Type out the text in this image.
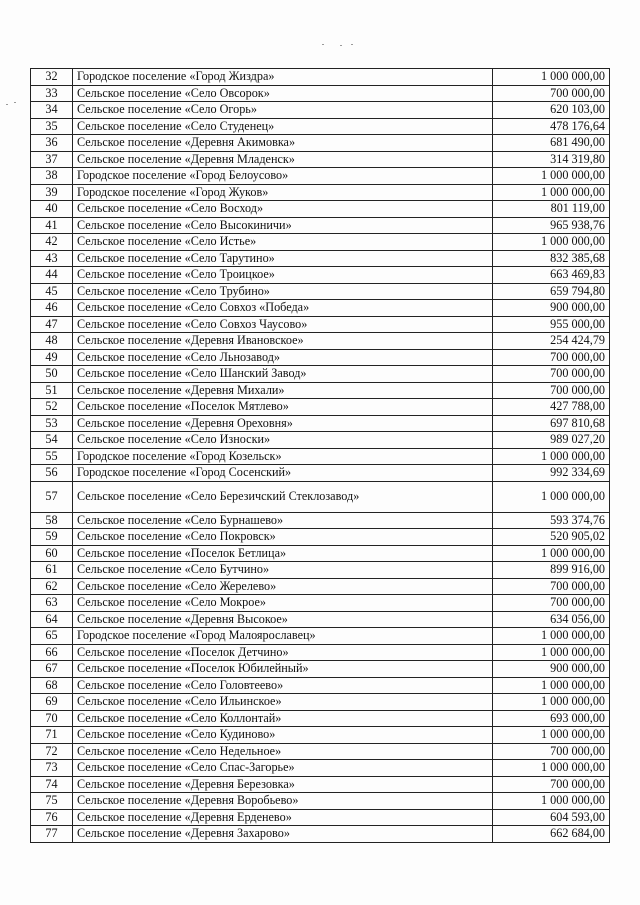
32	Городское поселение «Город Жиздра»	1 000 000,00
33	Сельское поселение «Село Овсорок»	700 000,00
34	Сельское поселение «Село Огорь»	620 103,00
35	Сельское поселение «Село Студенец»	478 176,64
36	Сельское поселение «Деревня Акимовка»	681 490,00
37	Сельское поселение «Деревня Младенск»	314 319,80
38	Городское поселение «Город Белоусово»	1 000 000,00
39	Городское поселение «Город Жуков»	1 000 000,00
40	Сельское поселение «Село Восход»	801 119,00
41	Сельское поселение «Село Высокиничи»	965 938,76
42	Сельское поселение «Село Истье»	1 000 000,00
43	Сельское поселение «Село Тарутино»	832 385,68
44	Сельское поселение «Село Троицкое»	663 469,83
45	Сельское поселение «Село Трубино»	659 794,80
46	Сельское поселение «Село Совхоз «Победа»	900 000,00
47	Сельское поселение «Село Совхоз Чаусово»	955 000,00
48	Сельское поселение «Деревня Ивановское»	254 424,79
49	Сельское поселение «Село Льнозавод»	700 000,00
50	Сельское поселение «Село Шанский Завод»	700 000,00
51	Сельское поселение «Деревня Михали»	700 000,00
52	Сельское поселение «Поселок Мятлево»	427 788,00
53	Сельское поселение «Деревня Ореховня»	697 810,68
54	Сельское поселение «Село Износки»	989 027,20
55	Городское поселение «Город Козельск»	1 000 000,00
56	Городское поселение «Город Сосенский»	992 334,69
57	Сельское поселение «Село Березичский Стеклозавод»	1 000 000,00
58	Сельское поселение «Село Бурнашево»	593 374,76
59	Сельское поселение «Село Покровск»	520 905,02
60	Сельское поселение «Поселок Бетлица»	1 000 000,00
61	Сельское поселение «Село Бутчино»	899 916,00
62	Сельское поселение «Село Жерелево»	700 000,00
63	Сельское поселение «Село Мокрое»	700 000,00
64	Сельское поселение «Деревня Высокое»	634 056,00
65	Городское поселение «Город Малоярославец»	1 000 000,00
66	Сельское поселение «Поселок Детчино»	1 000 000,00
67	Сельское поселение «Поселок Юбилейный»	900 000,00
68	Сельское поселение «Село Головтеево»	1 000 000,00
69	Сельское поселение «Село Ильинское»	1 000 000,00
70	Сельское поселение «Село Коллонтай»	693 000,00
71	Сельское поселение «Село Кудиново»	1 000 000,00
72	Сельское поселение «Село Недельное»	700 000,00
73	Сельское поселение «Село Спас-Загорье»	1 000 000,00
74	Сельское поселение «Деревня Березовка»	700 000,00
75	Сельское поселение «Деревня Воробьево»	1 000 000,00
76	Сельское поселение «Деревня Ерденево»	604 593,00
77	Сельское поселение «Деревня Захарово»	662 684,00
